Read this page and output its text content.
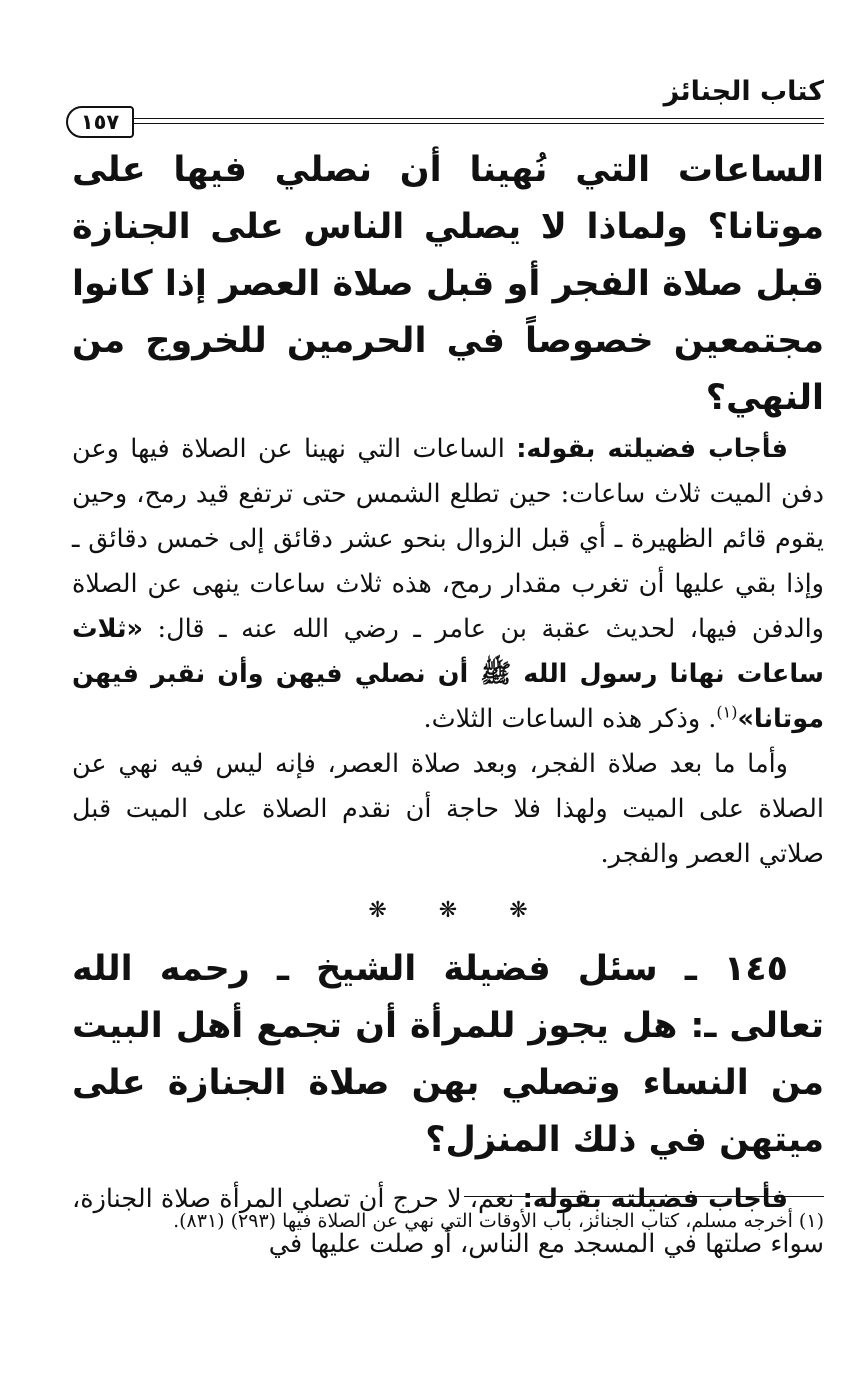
كتاب الجنائز
١٥٧

الساعات التي نُهينا أن نصلي فيها على موتانا؟ ولماذا لا يصلي الناس على الجنازة قبل صلاة الفجر أو قبل صلاة العصر إذا كانوا مجتمعين خصوصاً في الحرمين للخروج من النهي؟

فأجاب فضيلته بقوله: الساعات التي نهينا عن الصلاة فيها وعن دفن الميت ثلاث ساعات: حين تطلع الشمس حتى ترتفع قيد رمح، وحين يقوم قائم الظهيرة ـ أي قبل الزوال بنحو عشر دقائق إلى خمس دقائق ـ وإذا بقي عليها أن تغرب مقدار رمح، هذه ثلاث ساعات ينهى عن الصلاة والدفن فيها، لحديث عقبة بن عامر ـ رضي الله عنه ـ قال: «ثلاث ساعات نهانا رسول الله ﷺ أن نصلي فيهن وأن نقبر فيهن موتانا»$^{(١)}$. وذكر هذه الساعات الثلاث.

وأما ما بعد صلاة الفجر، وبعد صلاة العصر، فإنه ليس فيه نهي عن الصلاة على الميت ولهذا فلا حاجة أن نقدم الصلاة على الميت قبل صلاتي العصر والفجر.

❋ ❋ ❋

١٤٥ ـ سئل فضيلة الشيخ ـ رحمه الله تعالى ـ: هل يجوز للمرأة أن تجمع أهل البيت من النساء وتصلي بهن صلاة الجنازة على ميتهن في ذلك المنزل؟

فأجاب فضيلته بقوله: نعم، لا حرج أن تصلي المرأة صلاة الجنازة، سواء صلتها في المسجد مع الناس، أو صلت عليها في

(١) أخرجه مسلم، كتاب الجنائز، باب الأوقات التي نهي عن الصلاة فيها (٢٩٣) (٨٣١).
